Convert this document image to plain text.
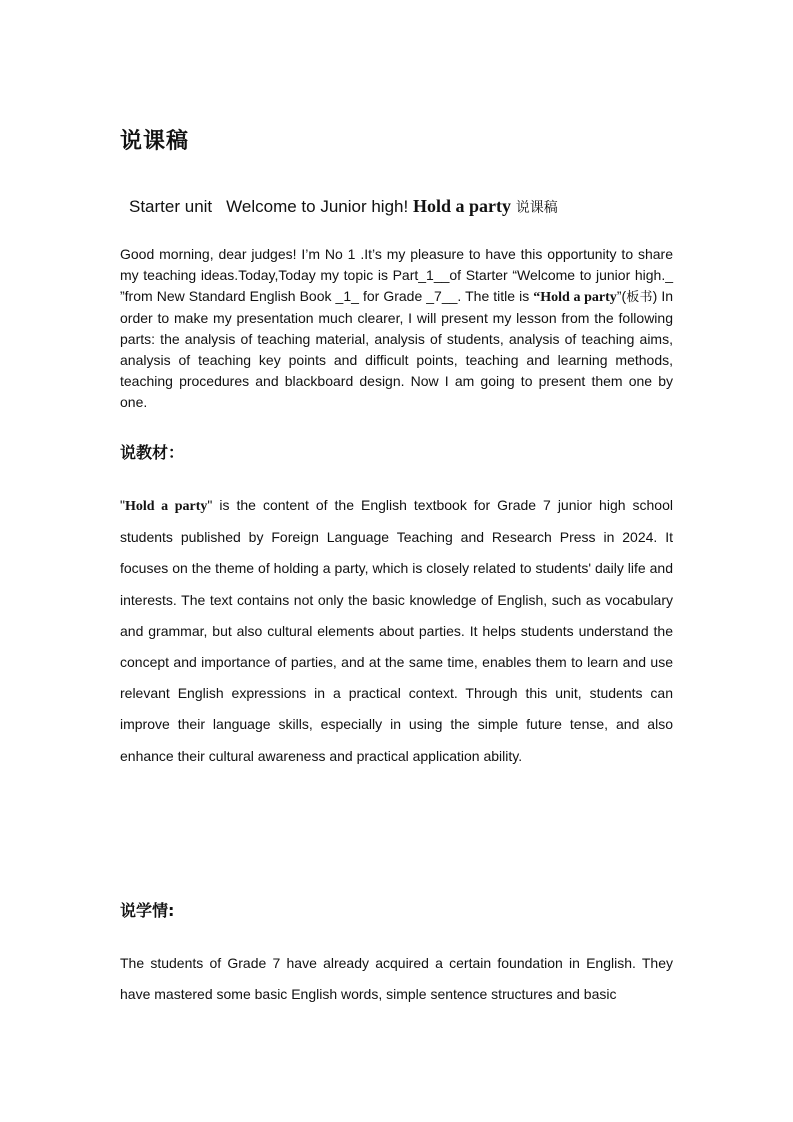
说课稿

Starter unit Welcome to Junior high! Hold a party 说课稿

Good morning, dear judges! I’m No 1 .It’s my pleasure to have this opportunity to share my teaching ideas.Today,Today my topic is Part_1__of Starter “Welcome to junior high._ ”from New Standard English Book _1_ for Grade _7__. The title is “Hold a party”(板书) In order to make my presentation much clearer, I will present my lesson from the following parts: the analysis of teaching material, analysis of students, analysis of teaching aims, analysis of teaching key points and difficult points, teaching and learning methods, teaching procedures and blackboard design. Now I am going to present them one by one.

说教材：

"Hold a party" is the content of the English textbook for Grade 7 junior high school students published by Foreign Language Teaching and Research Press in 2024. It focuses on the theme of holding a party, which is closely related to students' daily life and interests. The text contains not only the basic knowledge of English, such as vocabulary and grammar, but also cultural elements about parties. It helps students understand the concept and importance of parties, and at the same time, enables them to learn and use relevant English expressions in a practical context. Through this unit, students can improve their language skills, especially in using the simple future tense, and also enhance their cultural awareness and practical application ability.

说学情:

The students of Grade 7 have already acquired a certain foundation in English. They have mastered some basic English words, simple sentence structures and basic
